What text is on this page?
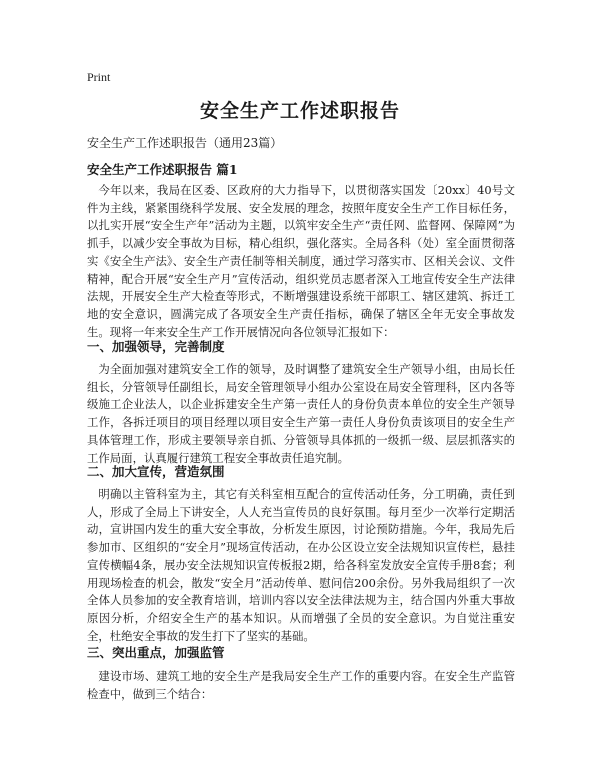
Print
安全生产工作述职报告

安全生产工作述职报告（通用23篇）

安全生产工作述职报告 篇1

今年以来，我局在区委、区政府的大力指导下，以贯彻落实国发〔20xx〕40号文件为主线，紧紧围绕科学发展、安全发展的理念，按照年度安全生产工作目标任务，以扎实开展“安全生产年”活动为主题，以筑牢安全生产“责任网、监督网、保障网”为抓手，以减少安全事故为目标，精心组织，强化落实。全局各科（处）室全面贯彻落实《安全生产法》、安全生产责任制等相关制度，通过学习落实市、区相关会议、文件精神，配合开展“安全生产月”宣传活动，组织党员志愿者深入工地宣传安全生产法律法规，开展安全生产大检查等形式，不断增强建设系统干部职工、辖区建筑、拆迁工地的安全意识，圆满完成了各项安全生产责任指标，确保了辖区全年无安全事故发生。现将一年来安全生产工作开展情况向各位领导汇报如下：

一、加强领导，完善制度

为全面加强对建筑安全工作的领导，及时调整了建筑安全生产领导小组，由局长任组长，分管领导任副组长，局安全管理领导小组办公室设在局安全管理科，区内各等级施工企业法人，以企业拆建安全生产第一责任人的身份负责本单位的安全生产领导工作，各拆迁项目的项目经理以项目安全生产第一责任人身份负责该项目的安全生产具体管理工作，形成主要领导亲自抓、分管领导具体抓的一级抓一级、层层抓落实的工作局面，认真履行建筑工程安全事故责任追究制。

二、加大宣传，营造氛围

明确以主管科室为主，其它有关科室相互配合的宣传活动任务，分工明确，责任到人，形成了全局上下讲安全，人人充当宣传员的良好氛围。每月至少一次举行定期活动，宣讲国内发生的重大安全事故，分析发生原因，讨论预防措施。今年，我局先后参加市、区组织的“安全月”现场宣传活动，在办公区设立安全法规知识宣传栏，悬挂宣传横幅4条，展办安全法规知识宣传板报2期，给各科室发放安全宣传手册8套；利用现场检查的机会，散发“安全月”活动传单、慰问信200余份。另外我局组织了一次全体人员参加的安全教育培训，培训内容以安全法律法规为主，结合国内外重大事故原因分析，介绍安全生产的基本知识。从而增强了全员的安全意识。为自觉注重安全，杜绝安全事故的发生打下了坚实的基础。

三、突出重点，加强监管

建设市场、建筑工地的安全生产是我局安全生产工作的重要内容。在安全生产监管检查中，做到三个结合：
